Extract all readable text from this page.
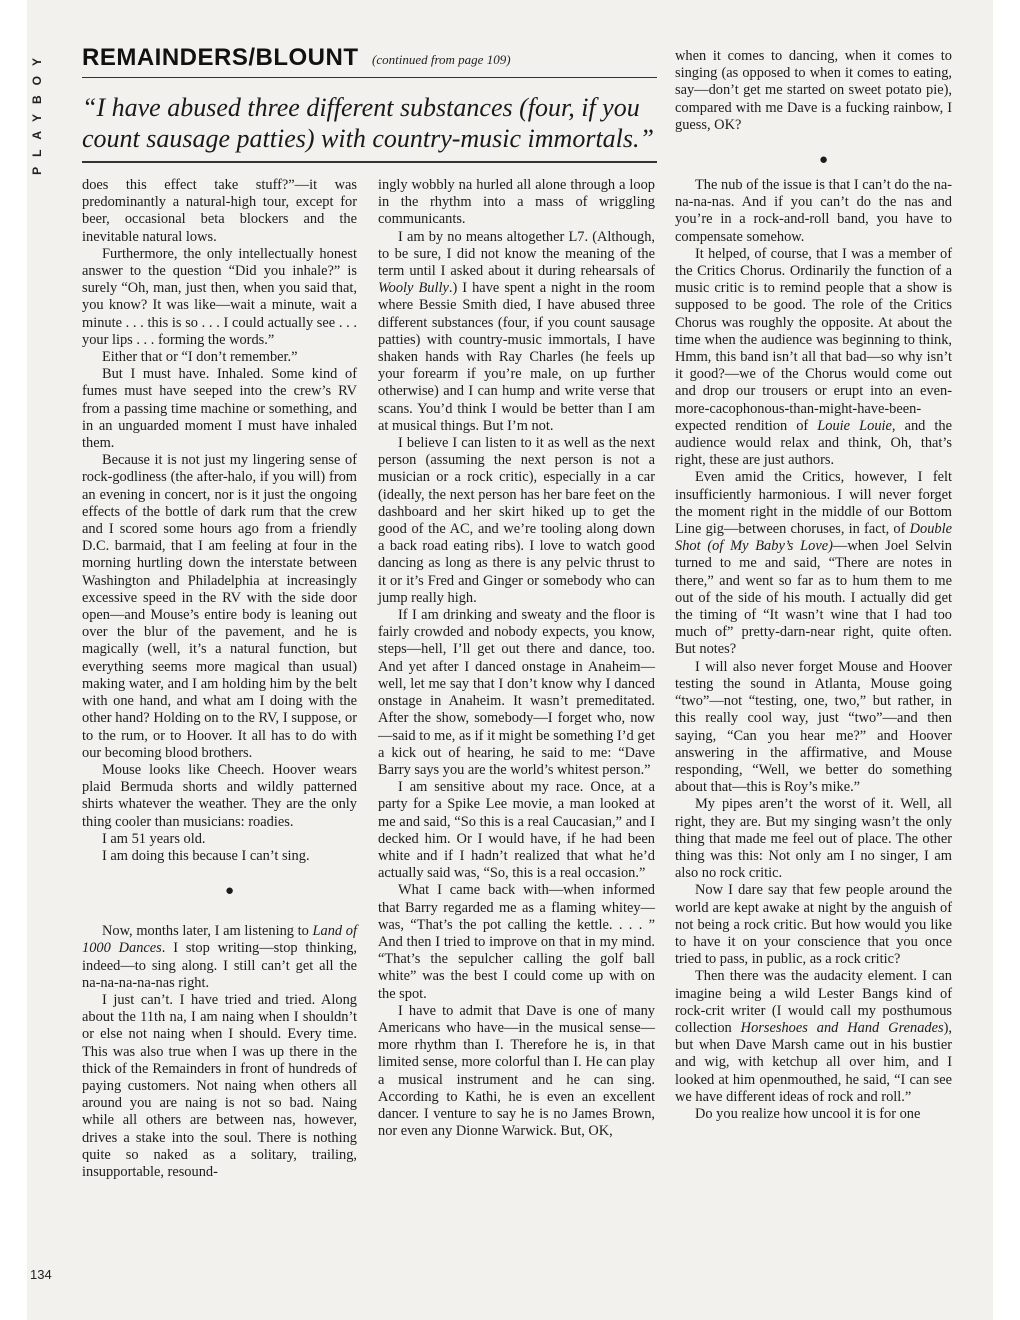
PLAYBOY REMAINDERS/BLOUNT (continued from page 109)
“I have abused three different substances (four, if you count sausage patties) with country-music immortals.”

does this effect take stuff?”—it was predominantly a natural-high tour, except for beer, occasional beta blockers and the inevitable natural lows.

Furthermore, the only intellectually honest answer to the question “Did you inhale?” is surely “Oh, man, just then, when you said that, you know? It was like—wait a minute, wait a minute . . . this is so . . . I could actually see . . . your lips . . . forming the words.”

Either that or “I don’t remember.”

But I must have. Inhaled. Some kind of fumes must have seeped into the crew’s RV from a passing time machine or something, and in an unguarded moment I must have inhaled them.

Because it is not just my lingering sense of rock-godliness (the after-halo, if you will) from an evening in concert, nor is it just the ongoing effects of the bottle of dark rum that the crew and I scored some hours ago from a friendly D.C. barmaid, that I am feeling at four in the morning hurtling down the interstate between Washington and Philadelphia at increasingly excessive speed in the RV with the side door open—and Mouse’s entire body is leaning out over the blur of the pavement, and he is magically (well, it’s a natural function, but everything seems more magical than usual) making water, and I am holding him by the belt with one hand, and what am I doing with the other hand? Holding on to the RV, I suppose, or to the rum, or to Hoover. It all has to do with our becoming blood brothers.

Mouse looks like Cheech. Hoover wears plaid Bermuda shorts and wildly patterned shirts whatever the weather. They are the only thing cooler than musicians: roadies.

I am 51 years old.

I am doing this because I can’t sing.

●

Now, months later, I am listening to Land of 1000 Dances. I stop writing—stop thinking, indeed—to sing along. I still can’t get all the na-na-na-na-nas right.

I just can’t. I have tried and tried. Along about the 11th na, I am naing when I shouldn’t or else not naing when I should. Every time. This was also true when I was up there in the thick of the Remainders in front of hundreds of paying customers. Not naing when others all around you are naing is not so bad. Naing while all others are between nas, however, drives a stake into the soul. There is nothing quite so naked as a solitary, trailing, insupportable, resound-

ingly wobbly na hurled all alone through a loop in the rhythm into a mass of wriggling communicants.

I am by no means altogether L7. (Although, to be sure, I did not know the meaning of the term until I asked about it during rehearsals of Wooly Bully.) I have spent a night in the room where Bessie Smith died, I have abused three different substances (four, if you count sausage patties) with country-music immortals, I have shaken hands with Ray Charles (he feels up your forearm if you’re male, on up further otherwise) and I can hump and write verse that scans. You’d think I would be better than I am at musical things. But I’m not.

I believe I can listen to it as well as the next person (assuming the next person is not a musician or a rock critic), especially in a car (ideally, the next person has her bare feet on the dashboard and her skirt hiked up to get the good of the AC, and we’re tooling along down a back road eating ribs). I love to watch good dancing as long as there is any pelvic thrust to it or it’s Fred and Ginger or somebody who can jump really high.

If I am drinking and sweaty and the floor is fairly crowded and nobody expects, you know, steps—hell, I’ll get out there and dance, too. And yet after I danced onstage in Anaheim—well, let me say that I don’t know why I danced onstage in Anaheim. It wasn’t premeditated. After the show, somebody—I forget who, now—said to me, as if it might be something I’d get a kick out of hearing, he said to me: “Dave Barry says you are the world’s whitest person.”

I am sensitive about my race. Once, at a party for a Spike Lee movie, a man looked at me and said, “So this is a real Caucasian,” and I decked him. Or I would have, if he had been white and if I hadn’t realized that what he’d actually said was, “So, this is a real occasion.”

What I came back with—when informed that Barry regarded me as a flaming whitey—was, “That’s the pot calling the kettle. . . . ” And then I tried to improve on that in my mind. “That’s the sepulcher calling the golf ball white” was the best I could come up with on the spot.

I have to admit that Dave is one of many Americans who have—in the musical sense—more rhythm than I. Therefore he is, in that limited sense, more colorful than I. He can play a musical instrument and he can sing. According to Kathi, he is even an excellent dancer. I venture to say he is no James Brown, nor even any Dionne Warwick. But, OK,

when it comes to dancing, when it comes to singing (as opposed to when it comes to eating, say—don’t get me started on sweet potato pie), compared with me Dave is a fucking rainbow, I guess, OK?

●

The nub of the issue is that I can’t do the na-na-na-nas. And if you can’t do the nas and you’re in a rock-and-roll band, you have to compensate somehow.

It helped, of course, that I was a member of the Critics Chorus. Ordinarily the function of a music critic is to remind people that a show is supposed to be good. The role of the Critics Chorus was roughly the opposite. At about the time when the audience was beginning to think, Hmm, this band isn’t all that bad—so why isn’t it good?—we of the Chorus would come out and drop our trousers or erupt into an even-more-cacophonous-than-might-have-been-expected rendition of Louie Louie, and the audience would relax and think, Oh, that’s right, these are just authors.

Even amid the Critics, however, I felt insufficiently harmonious. I will never forget the moment right in the middle of our Bottom Line gig—between choruses, in fact, of Double Shot (of My Baby’s Love)—when Joel Selvin turned to me and said, “There are notes in there,” and went so far as to hum them to me out of the side of his mouth. I actually did get the timing of “It wasn’t wine that I had too much of” pretty-darn-near right, quite often. But notes?

I will also never forget Mouse and Hoover testing the sound in Atlanta, Mouse going “two”—not “testing, one, two,” but rather, in this really cool way, just “two”—and then saying, “Can you hear me?” and Hoover answering in the affirmative, and Mouse responding, “Well, we better do something about that—this is Roy’s mike.”

My pipes aren’t the worst of it. Well, all right, they are. But my singing wasn’t the only thing that made me feel out of place. The other thing was this: Not only am I no singer, I am also no rock critic.

Now I dare say that few people around the world are kept awake at night by the anguish of not being a rock critic. But how would you like to have it on your conscience that you once tried to pass, in public, as a rock critic?

Then there was the audacity element. I can imagine being a wild Lester Bangs kind of rock-crit writer (I would call my posthumous collection Horseshoes and Hand Grenades), but when Dave Marsh came out in his bustier and wig, with ketchup all over him, and I looked at him openmouthed, he said, “I can see we have different ideas of rock and roll.”

Do you realize how uncool it is for one

134
